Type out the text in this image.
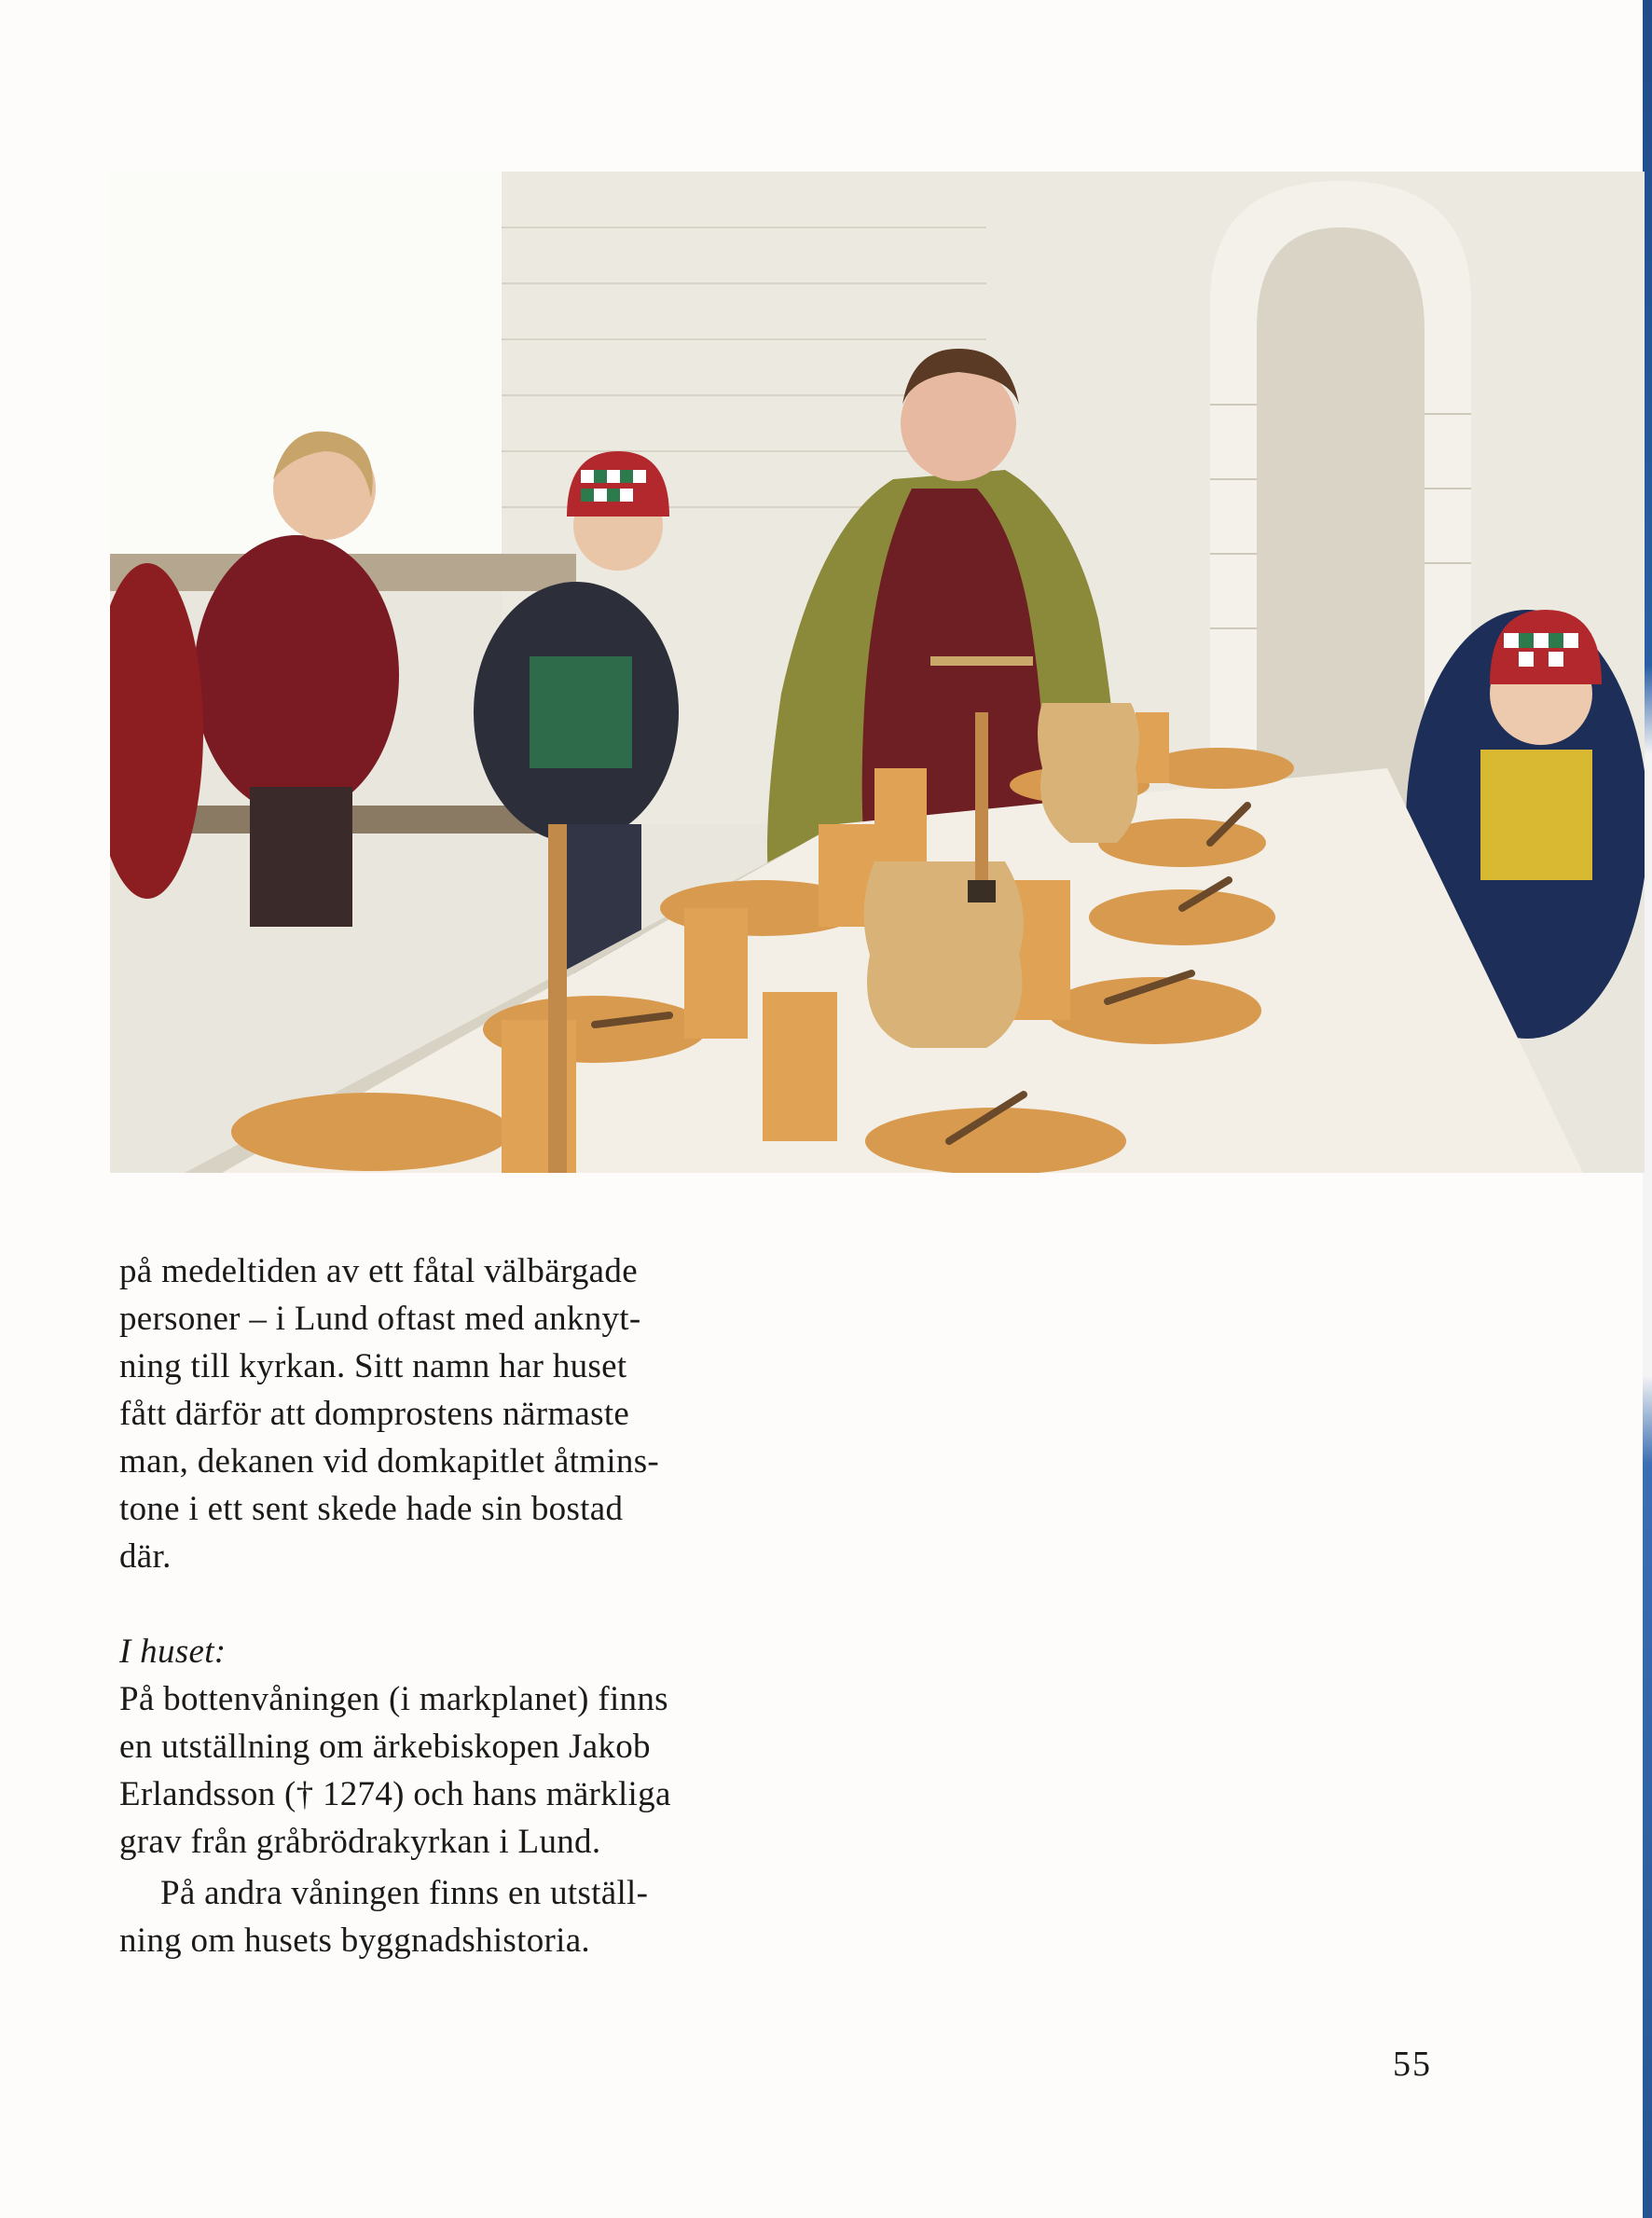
på medeltiden av ett fåtal välbärgade
personer – i Lund oftast med anknyt-
ning till kyrkan. Sitt namn har huset
fått därför att domprostens närmaste
man, dekanen vid domkapitlet åtmins-
tone i ett sent skede hade sin bostad
där.

I huset:

På bottenvåningen (i markplanet) finns
en utställning om ärkebiskopen Jakob
Erlandsson († 1274) och hans märkliga
grav från gråbrödrakyrkan i Lund.

På andra våningen finns en utställ-
ning om husets byggnadshistoria.

55
